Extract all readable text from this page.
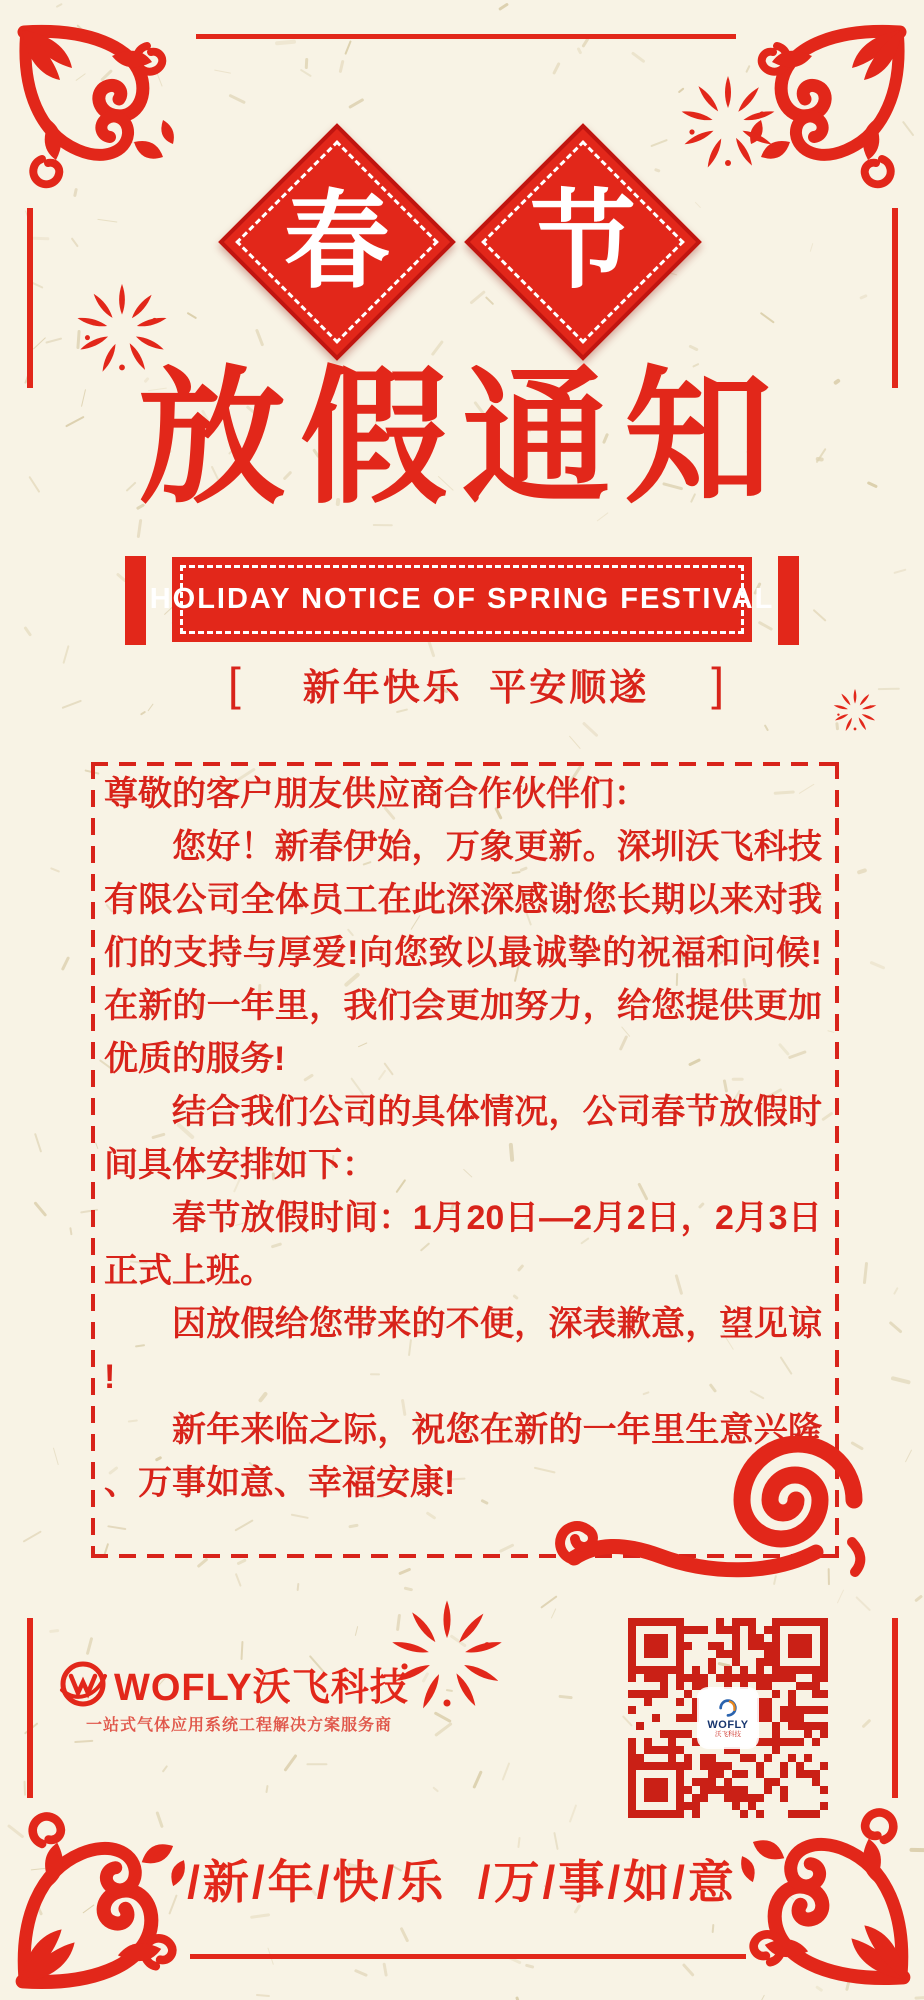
春 节
放假通知
HOLIDAY NOTICE OF SPRING FESTIVAL
[ 新年快乐  平安顺遂 ]

尊敬的客户朋友供应商合作伙伴们：

您好！新春伊始，万象更新。深圳沃飞科技有限公司全体员工在此深深感谢您长期以来对我们的支持与厚爱!向您致以最诚挚的祝福和问候!在新的一年里，我们会更加努力，给您提供更加优质的服务!

结合我们公司的具体情况，公司春节放假时间具体安排如下：

春节放假时间：1月20日—2月2日，2月3日正式上班。

因放假给您带来的不便，深表歉意，望见谅!

新年来临之际，祝您在新的一年里生意兴隆、万事如意、幸福安康!

WOFLY沃飞科技
一站式气体应用系统工程解决方案服务商	WOFLY
沃飞科技
/新/年/快/乐  /万/事/如/意
